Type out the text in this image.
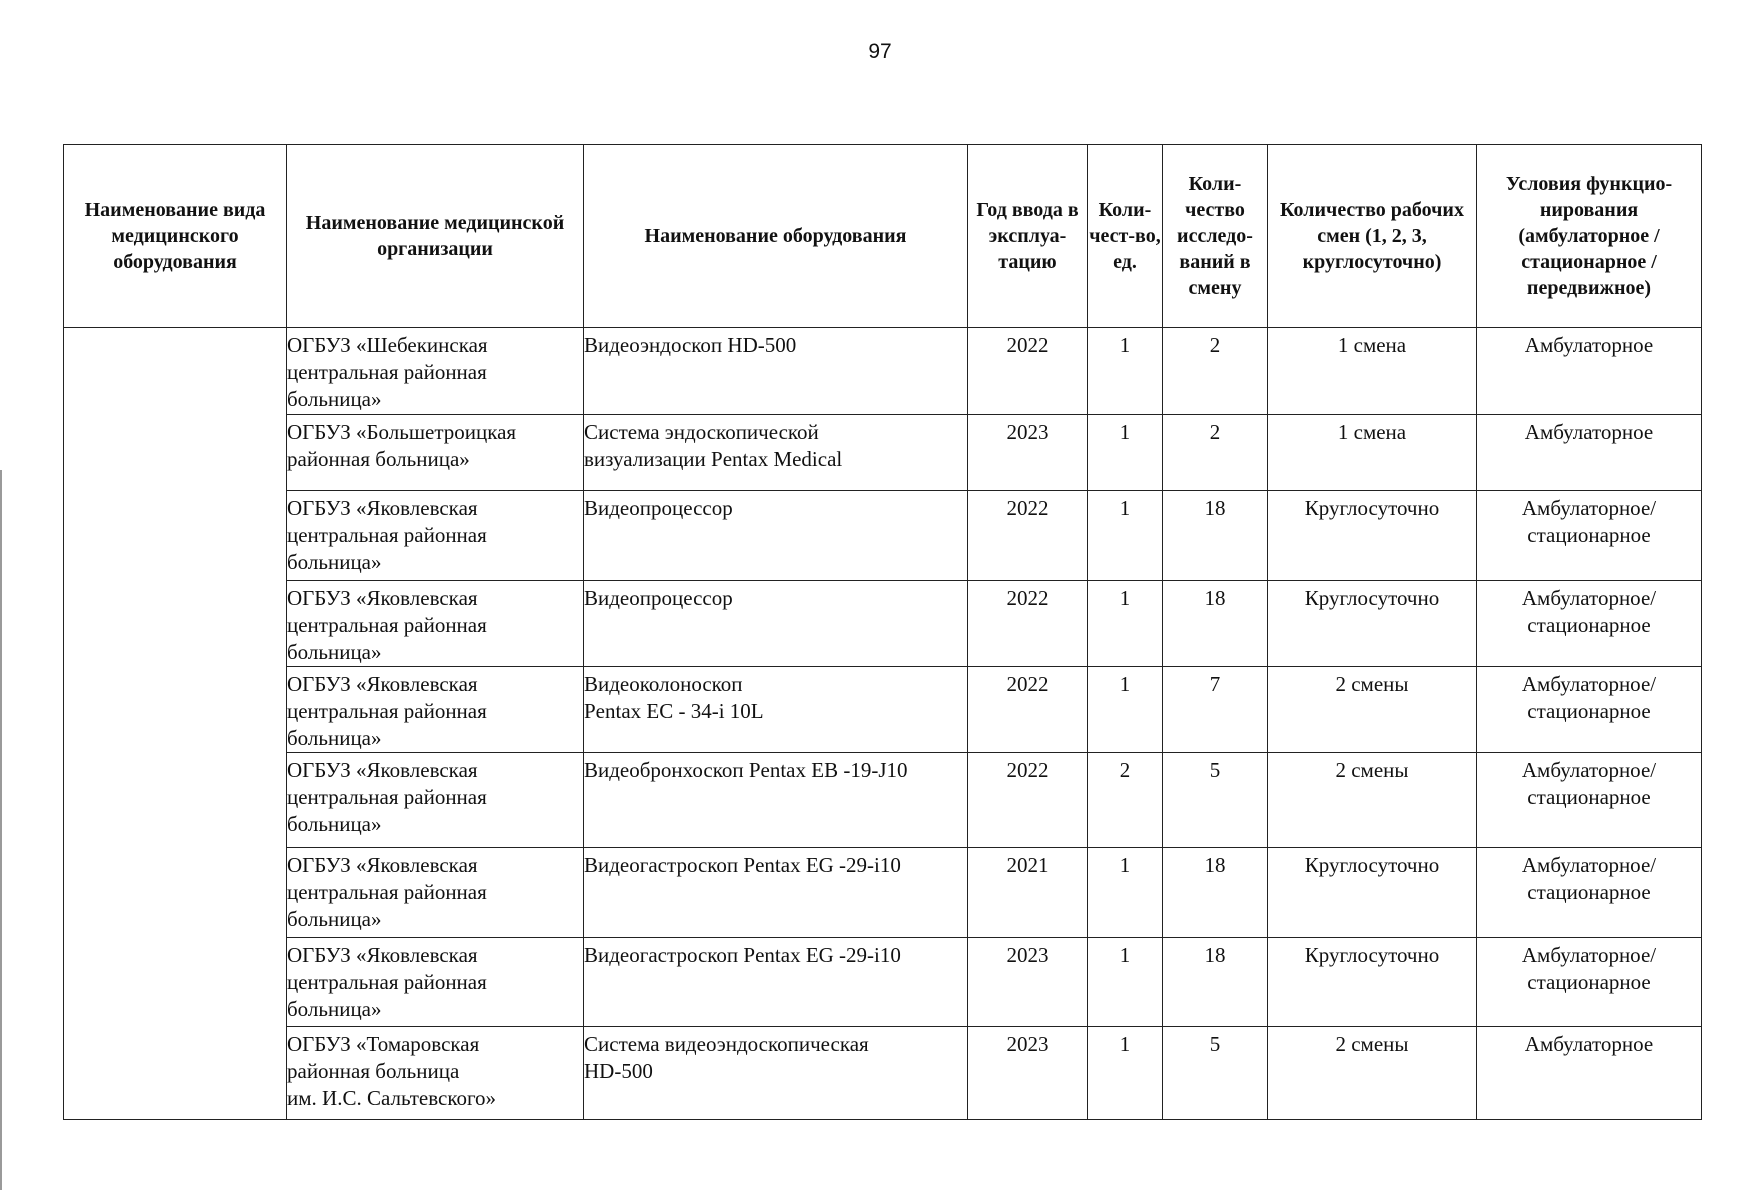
97
Наименование вида медицинского оборудования	Наименование медицинской организации	Наименование оборудования	Год ввода в эксплуа-тацию	Коли-чест-во, ед.	Коли-чество исследо-ваний в смену	Количество рабочих смен (1, 2, 3, круглосуточно)	Условия функцио-нирования (амбулаторное / стационарное / передвижное)
	ОГБУЗ «Шебекинская
центральная районная
больница»	Видеоэндоскоп HD-500	2022	1	2	1 смена	Амбулаторное
	ОГБУЗ «Большетроицкая
районная больница»	Система эндоскопической
визуализации Pentax Medical	2023	1	2	1 смена	Амбулаторное
	ОГБУЗ «Яковлевская
центральная районная
больница»	Видеопроцессор	2022	1	18	Круглосуточно	Амбулаторное/
стационарное
	ОГБУЗ «Яковлевская
центральная районная
больница»	Видеопроцессор	2022	1	18	Круглосуточно	Амбулаторное/
стационарное
	ОГБУЗ «Яковлевская
центральная районная
больница»	Видеоколоноскоп
Pentax EC - 34-i 10L	2022	1	7	2 смены	Амбулаторное/
стационарное
	ОГБУЗ «Яковлевская
центральная районная
больница»	Видеобронхоскоп Pentax EB -19-J10	2022	2	5	2 смены	Амбулаторное/
стационарное
	ОГБУЗ «Яковлевская
центральная районная
больница»	Видеогастроскоп Pentax EG -29-i10	2021	1	18	Круглосуточно	Амбулаторное/
стационарное
	ОГБУЗ «Яковлевская
центральная районная
больница»	Видеогастроскоп Pentax EG -29-i10	2023	1	18	Круглосуточно	Амбулаторное/
стационарное
	ОГБУЗ «Томаровская
районная больница
им. И.С. Сальтевского»	Система видеоэндоскопическая
HD-500	2023	1	5	2 смены	Амбулаторное
